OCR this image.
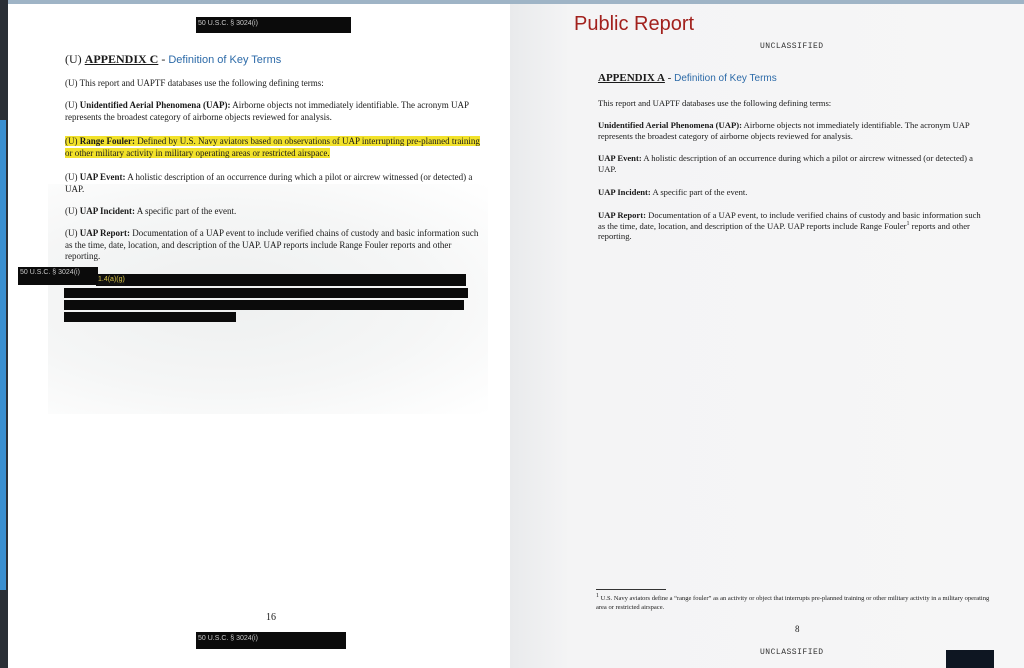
50 U.S.C. § 3024(i)
(U) APPENDIX C - Definition of Key Terms
(U) This report and UAPTF databases use the following defining terms:
(U) Unidentified Aerial Phenomena (UAP): Airborne objects not immediately identifiable. The acronym UAP represents the broadest category of airborne objects reviewed for analysis.
(U) Range Fouler: Defined by U.S. Navy aviators based on observations of UAP interrupting pre-planned training or other military activity in military operating areas or restricted airspace.
(U) UAP Event: A holistic description of an occurrence during which a pilot or aircrew witnessed (or detected) a UAP.
(U) UAP Incident: A specific part of the event.
(U) UAP Report: Documentation of a UAP event to include verified chains of custody and basic information such as the time, date, location, and description of the UAP. UAP reports include Range Fouler reports and other reporting.
50 U.S.C. § 3024(i)
1.4(a)(g)
16
50 U.S.C. § 3024(i)
Public Report
UNCLASSIFIED
APPENDIX A - Definition of Key Terms
This report and UAPTF databases use the following defining terms:
Unidentified Aerial Phenomena (UAP): Airborne objects not immediately identifiable. The acronym UAP represents the broadest category of airborne objects reviewed for analysis.
UAP Event: A holistic description of an occurrence during which a pilot or aircrew witnessed (or detected) a UAP.
UAP Incident: A specific part of the event.
UAP Report: Documentation of a UAP event, to include verified chains of custody and basic information such as the time, date, location, and description of the UAP. UAP reports include Range Fouler$^1$ reports and other reporting.
$^1$ U.S. Navy aviators define a “range fouler” as an activity or object that interrupts pre-planned training or other military activity in a military operating area or restricted airspace.
8
UNCLASSIFIED
